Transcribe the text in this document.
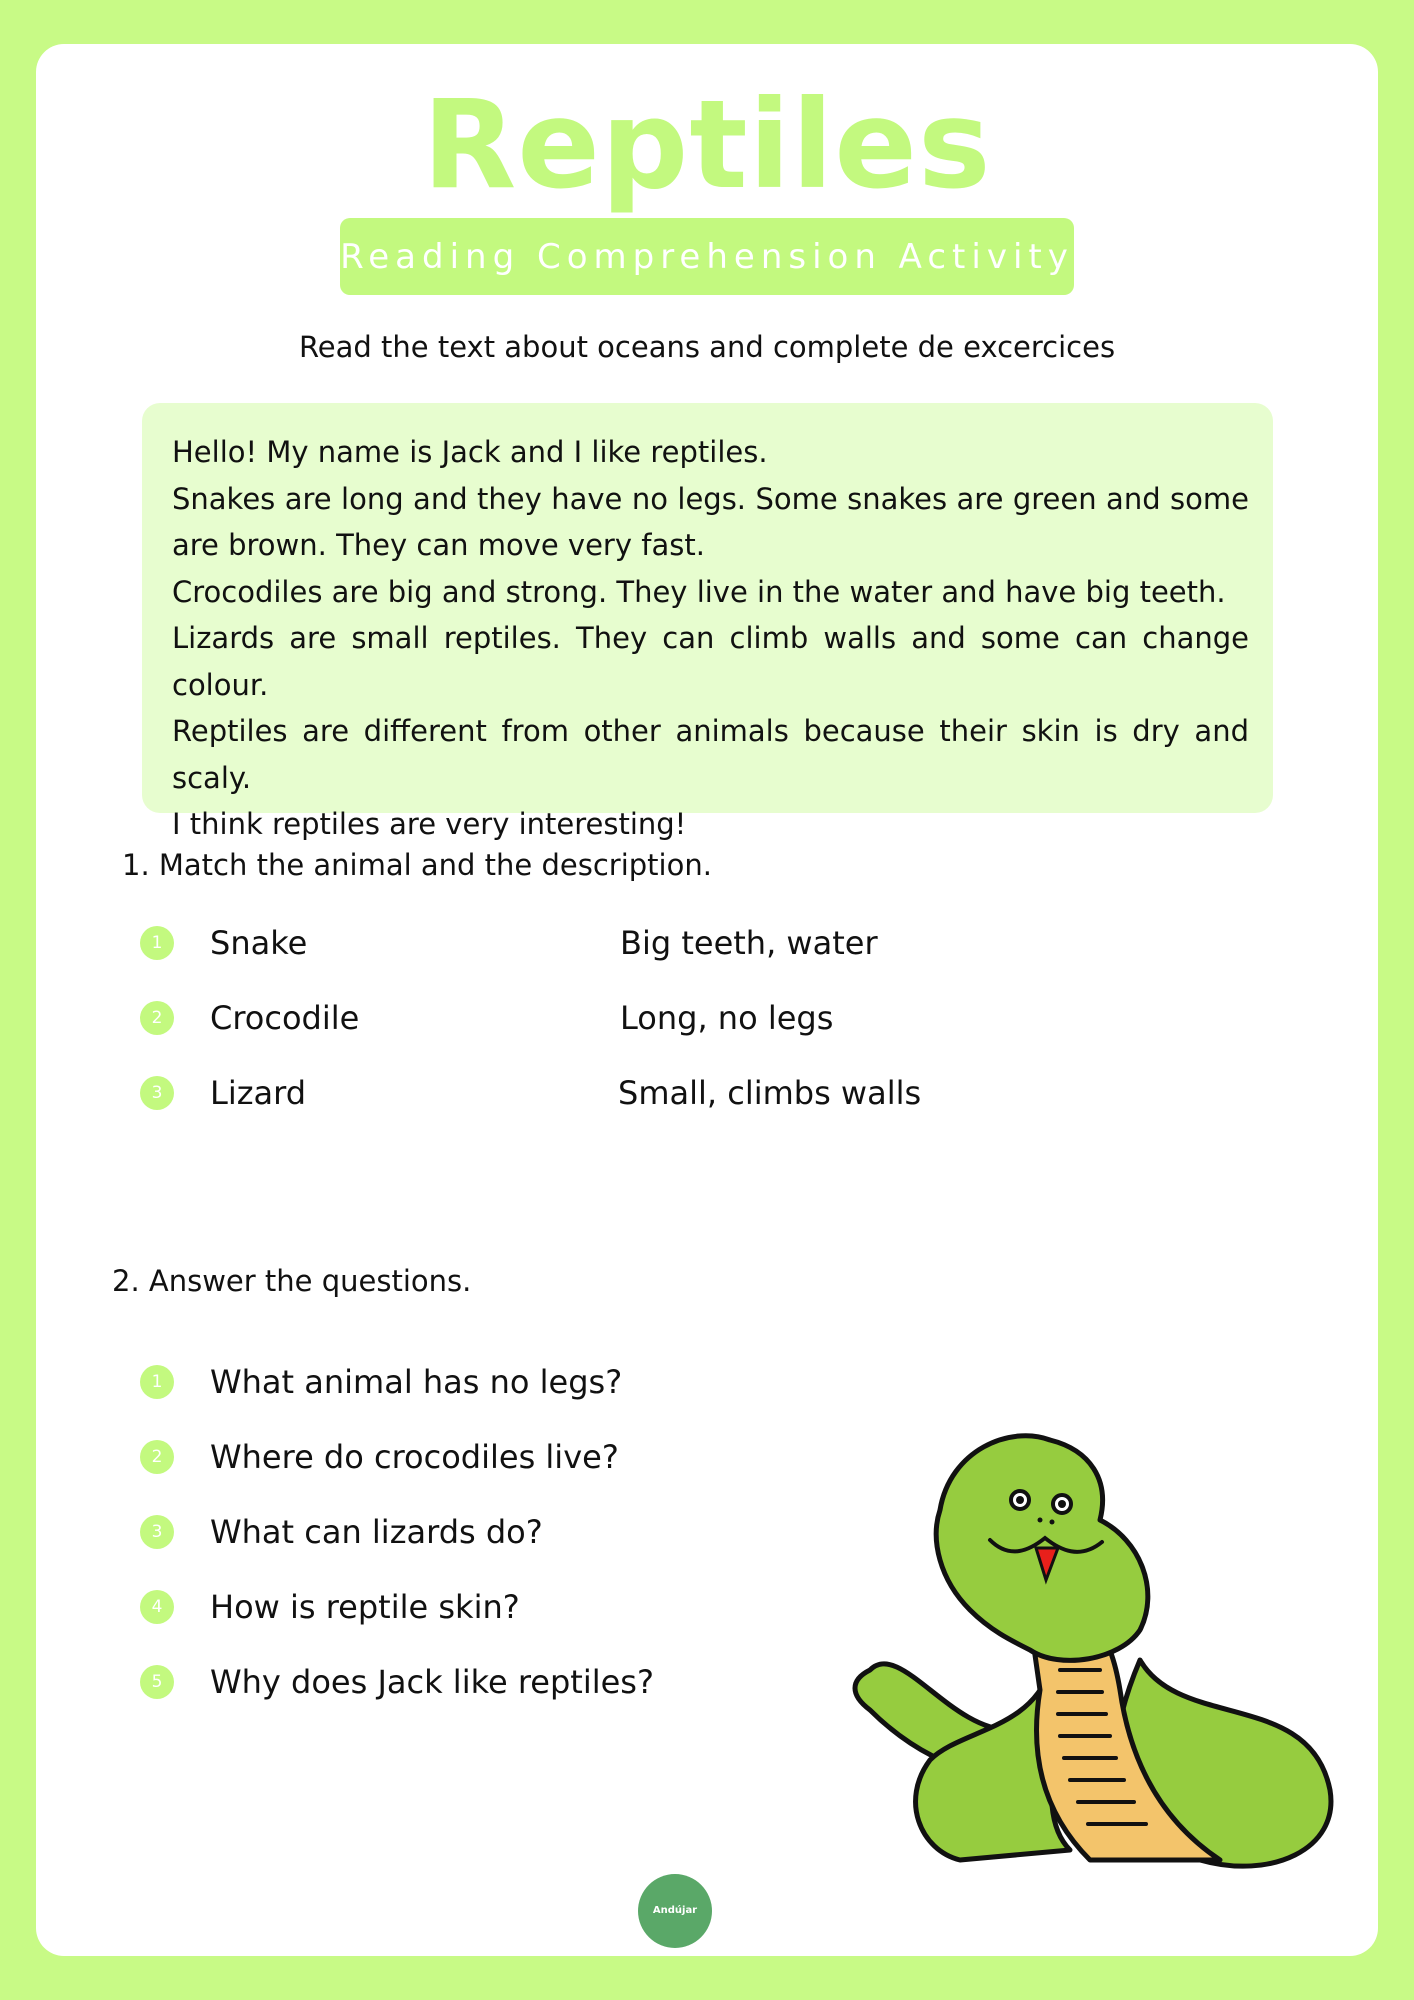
Reptiles
Reading Comprehension Activity
Read the text about oceans and complete de excercices
Hello! My name is Jack and I like reptiles.
Snakes are long and they have no legs. Some snakes are green and some are brown. They can move very fast.
Crocodiles are big and strong. They live in the water and have big teeth.
Lizards are small reptiles. They can climb walls and some can change colour.
Reptiles are different from other animals because their skin is dry and scaly.
I think reptiles are very interesting!
1. Match the animal and the description.
1	Snake	Big teeth, water
2	Crocodile	Long, no legs
3	Lizard	Small, climbs walls
2. Answer the questions.
1	What animal has no legs?
2	Where do crocodiles live?
3	What can lizards do?
4	How is reptile skin?
5	Why does Jack like reptiles?
Andújar
